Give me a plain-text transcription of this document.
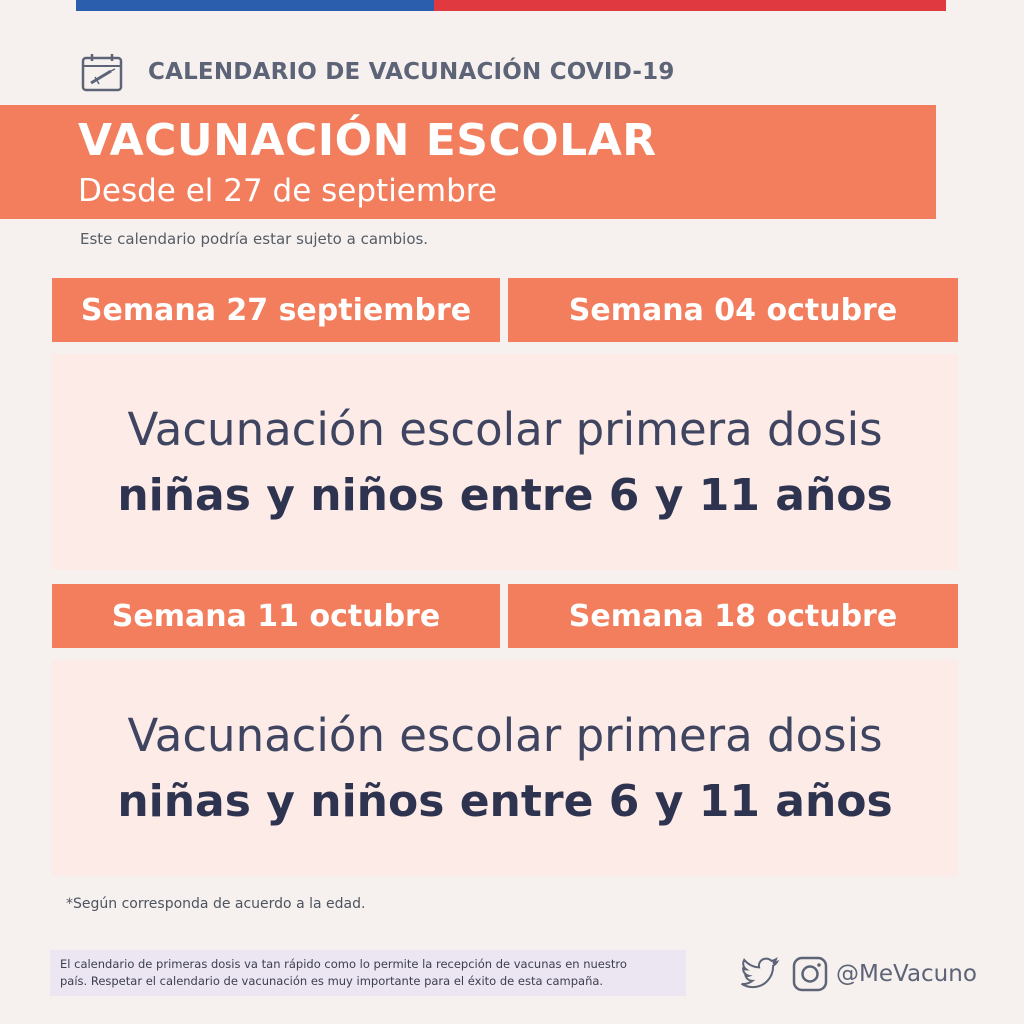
CALENDARIO DE VACUNACIÓN COVID-19
VACUNACIÓN ESCOLAR
Desde el 27 de septiembre
Este calendario podría estar sujeto a cambios.
Semana 27 septiembre	Semana 04 octubre
Vacunación escolar primera dosis
niñas y niños entre 6 y 11 años
Semana 11 octubre	Semana 18 octubre
Vacunación escolar primera dosis
niñas y niños entre 6 y 11 años
*Según corresponda de acuerdo a la edad.

El calendario de primeras dosis va tan rápido como lo permite la recepción de vacunas en nuestro

país. Respetar el calendario de vacunación es muy importante para el éxito de esta campaña.	@MeVacuno
